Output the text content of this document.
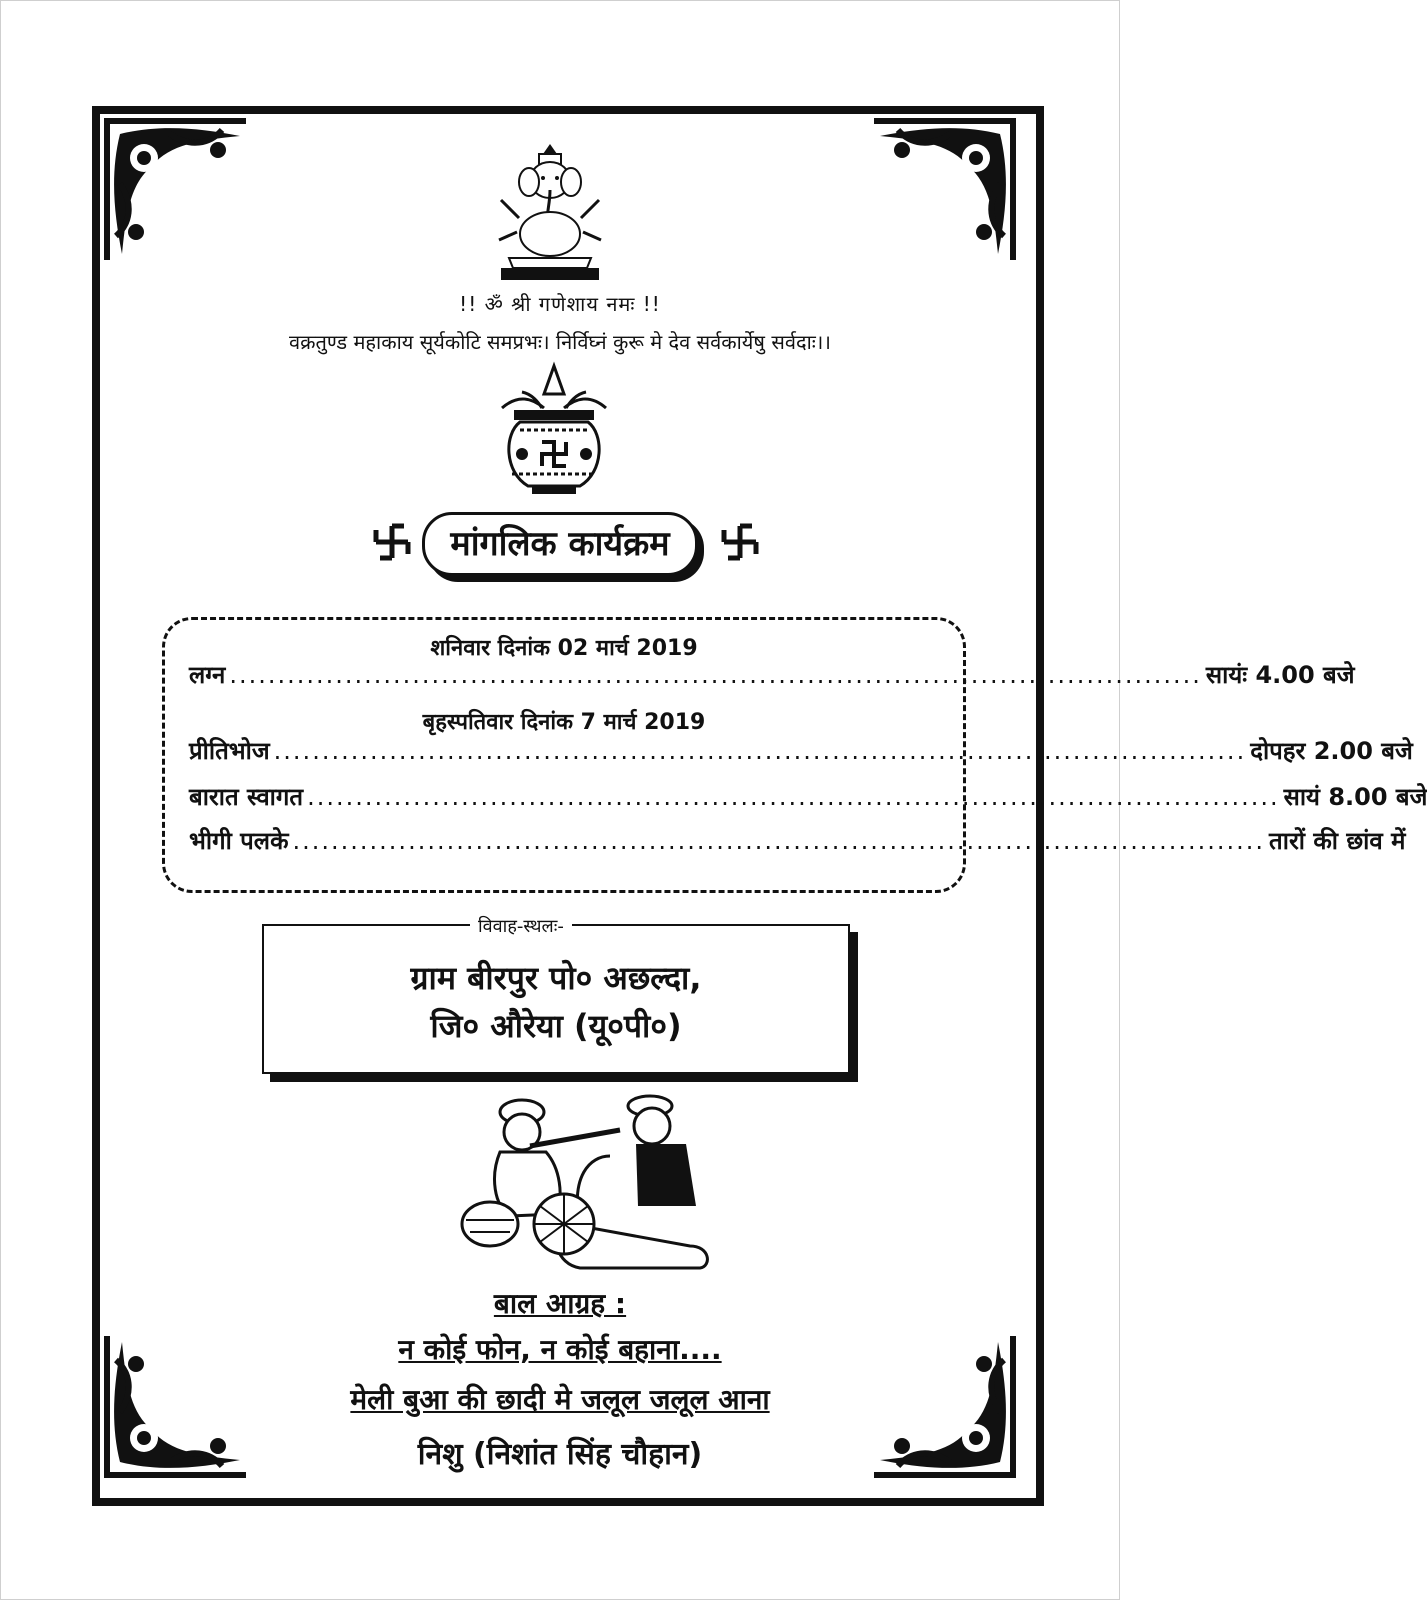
!! ॐ श्री गणेशाय नमः !!
वक्रतुण्ड महाकाय सूर्यकोटि समप्रभः। निर्विघ्नं कुरू मे देव सर्वकार्येषु सर्वदाः।।
मांगलिक कार्यक्रम
शनिवार दिनांक 02 मार्च 2019
लग्न ..................................................................................................... सायंः 4.00 बजे
बृहस्पतिवार दिनांक 7 मार्च 2019
प्रीतिभोज ..................................................................................................... दोपहर 2.00 बजे
बारात स्वागत ..................................................................................................... सायं 8.00 बजे
भीगी पलके ..................................................................................................... तारों की छांव में
ग्राम बीरपुर पो० अछल्दा,
जि० औरेया (यू०पी०)
विवाह-स्थलः-
बाल आग्रह :
न कोई फोन, न कोई बहाना....
मेली बुआ की छादी मे जलूल जलूल आना
निशु (निशांत सिंह चौहान)
